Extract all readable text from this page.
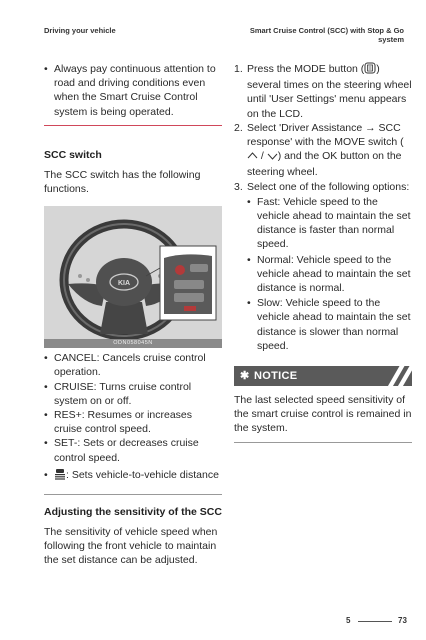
Driving your vehicle	Smart Cruise Control (SCC) with Stop & Go system
• Always pay continuous attention to road and driving conditions even when the Smart Cruise Control system is being operated.
SCC switch
The SCC switch has the following functions.
KIA
ODN058045N
• CANCEL: Cancels cruise control operation.
• CRUISE: Turns cruise control system on or off.
• RES+: Resumes or increases cruise control speed.
• SET-: Sets or decreases cruise control speed.
• : Sets vehicle-to-vehicle distance
Adjusting the sensitivity of the SCC
The sensitivity of vehicle speed when following the front vehicle to maintain the set distance can be adjusted.
1. Press the MODE button ( ) several times on the steering wheel until 'User Settings' menu appears on the LCD.
2. Select 'Driver Assistance → SCC response' with the MOVE switch ( / ) and the OK button on the steering wheel.
3. Select one of the following options:
• Fast: Vehicle speed to the vehicle ahead to maintain the set distance is faster than normal speed.
• Normal: Vehicle speed to the vehicle ahead to maintain the set distance is normal.
• Slow: Vehicle speed to the vehicle ahead to maintain the set distance is slower than normal speed.
✱ NOTICE
The last selected speed sensitivity of the smart cruise control is remained in the system.
5	73
